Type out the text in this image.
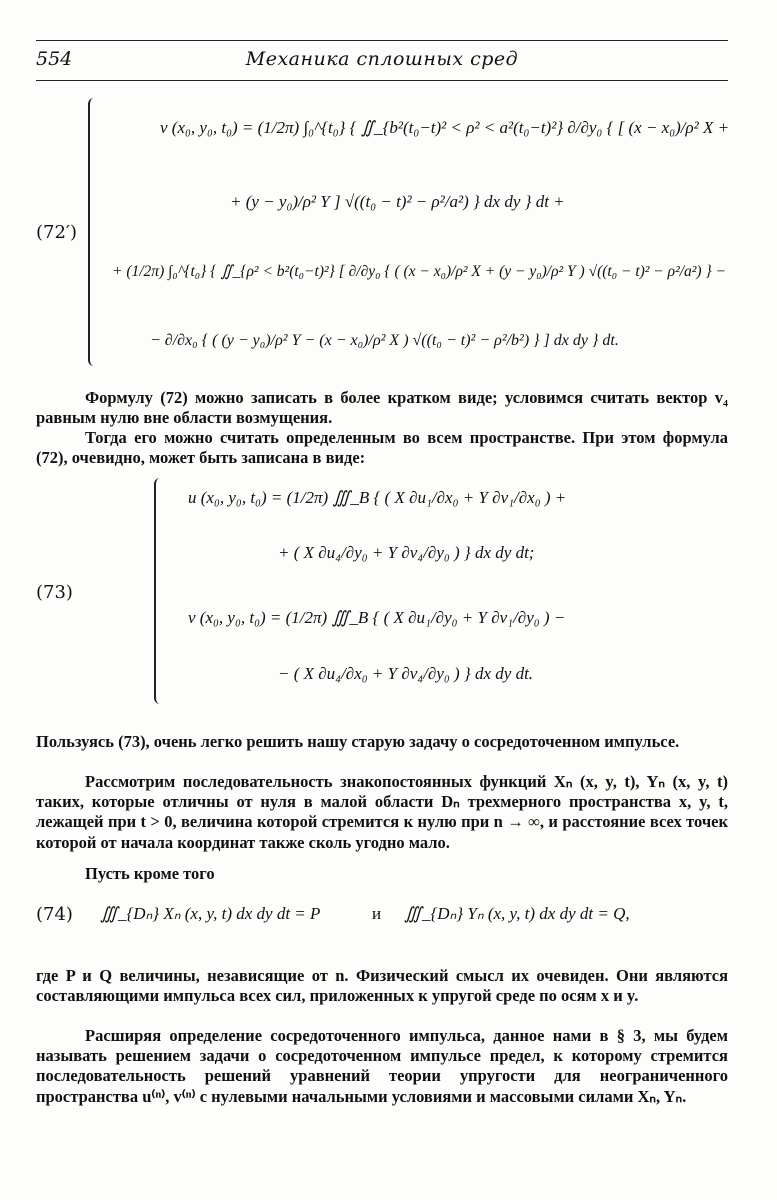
554	Механика сплошных сред
(72′)
v (x₀, y₀, t₀) = (1/2π) ∫₀^{t₀} { ∬_{b²(t₀−t)² < ρ² < a²(t₀−t)²} ∂/∂y₀ { [ (x − x₀)/ρ² X +
+ (y − y₀)/ρ² Y ] √((t₀ − t)² − ρ²/a²) } dx dy } dt +
+ (1/2π) ∫₀^{t₀} { ∬_{ρ² < b²(t₀−t)²} [ ∂/∂y₀ { ( (x − x₀)/ρ² X + (y − y₀)/ρ² Y ) √((t₀ − t)² − ρ²/a²) } −
− ∂/∂x₀ { ( (y − y₀)/ρ² Y − (x − x₀)/ρ² X ) √((t₀ − t)² − ρ²/b²) } ] dx dy } dt.
Формулу (72) можно записать в более кратком виде; условимся считать вектор v₄ равным нулю вне области возмущения.
Тогда его можно считать определенным во всем пространстве. При этом формула (72), очевидно, может быть записана в виде:
(73)
u (x₀, y₀, t₀) = (1/2π) ∭_B { ( X ∂u₁/∂x₀ + Y ∂v₁/∂x₀ ) +
+ ( X ∂u₄/∂y₀ + Y ∂v₄/∂y₀ ) } dx dy dt;
v (x₀, y₀, t₀) = (1/2π) ∭_B { ( X ∂u₁/∂y₀ + Y ∂v₁/∂y₀ ) −
− ( X ∂u₄/∂x₀ + Y ∂v₄/∂y₀ ) } dx dy dt.
Пользуясь (73), очень легко решить нашу старую задачу о сосредоточенном импульсе.
Рассмотрим последовательность знакопостоянных функций Xₙ (x, y, t), Yₙ (x, y, t) таких, которые отличны от нуля в малой области Dₙ трехмерного пространства x, y, t, лежащей при t > 0, величина которой стремится к нулю при n → ∞, и расстояние всех точек которой от начала координат также сколь угодно мало.
Пусть кроме того
(74) ∭_{Dₙ} Xₙ (x, y, t) dx dy dt = P	и ∭_{Dₙ} Yₙ (x, y, t) dx dy dt = Q,
где P и Q величины, независящие от n. Физический смысл их очевиден. Они являются составляющими импульса всех сил, приложенных к упругой среде по осям x и y.
Расширяя определение сосредоточенного импульса, данное нами в § 3, мы будем называть решением задачи о сосредоточенном импульсе предел, к которому стремится последовательность решений уравнений теории упругости для неограниченного пространства u⁽ⁿ⁾, v⁽ⁿ⁾ с нулевыми начальными условиями и массовыми силами Xₙ, Yₙ.
